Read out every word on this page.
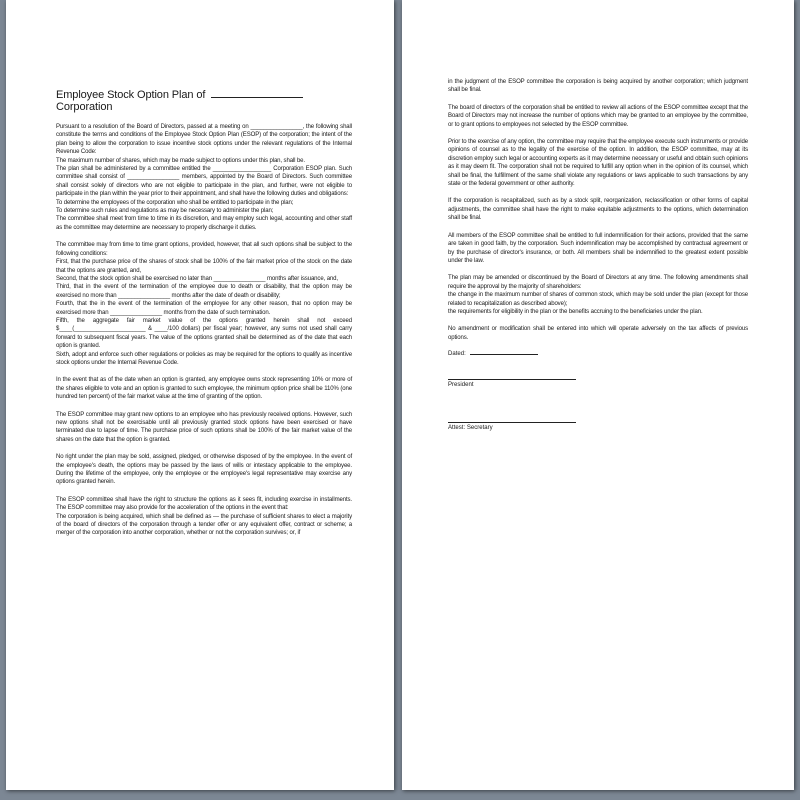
Employee Stock Option Plan ofCorporation
Pursuant to a resolution of the Board of Directors, passed at a meeting on ________________, the following shall constitute the terms and conditions of the Employee Stock Option Plan (ESOP) of the corporation; the intent of the plan being to allow the corporation to issue incentive stock options under the relevant regulations of the Internal Revenue Code:
The maximum number of shares, which may be made subject to options under this plan, shall be.
The plan shall be administered by a committee entitled the __________________ Corporation ESOP plan. Such committee shall consist of ________________ members, appointed by the Board of Directors. Such committee shall consist solely of directors who are not eligible to participate in the plan, and further, were not eligible to participate in the plan within the year prior to their appointment, and shall have the following duties and obligations:
To determine the employees of the corporation who shall be entitled to participate in the plan;
To determine such rules and regulations as may be necessary to administer the plan;
The committee shall meet from time to time in its discretion, and may employ such legal, accounting and other staff as the committee may determine are necessary to properly discharge it duties.
The committee may from time to time grant options, provided, however, that all such options shall be subject to the following conditions:
First, that the purchase price of the shares of stock shall be 100% of the fair market price of the stock on the date that the options are granted, and,
Second, that the stock option shall be exercised no later than ________________ months after issuance, and,
Third, that in the event of the termination of the employee due to death or disability, that the option may be exercised no more than ________________ months after the date of death or disability;
Fourth, that the in the event of the termination of the employee for any other reason, that no option may be exercised more than ________________ months from the date of such termination.
Fifth, the aggregate fair market value of the options granted herein shall not exceed $____(______________________ & ____/100 dollars) per fiscal year; however, any sums not used shall carry forward to subsequent fiscal years. The value of the options granted shall be determined as of the date that each option is granted.
Sixth, adopt and enforce such other regulations or policies as may be required for the options to qualify as incentive stock options under the Internal Revenue Code.
In the event that as of the date when an option is granted, any employee owns stock representing 10% or more of the shares eligible to vote and an option is granted to such employee, the minimum option price shall be 110% (one hundred ten percent) of the fair market value at the time of granting of the option.
The ESOP committee may grant new options to an employee who has previously received options. However, such new options shall not be exercisable until all previously granted stock options have been exercised or have terminated due to lapse of time. The purchase price of such options shall be 100% of the fair market value of the shares on the date that the option is granted.
No right under the plan may be sold, assigned, pledged, or otherwise disposed of by the employee. In the event of the employee's death, the options may be passed by the laws of wills or intestacy applicable to the employee. During the lifetime of the employee, only the employee or the employee's legal representative may exercise any options granted herein.
The ESOP committee shall have the right to structure the options as it sees fit, including exercise in installments. The ESOP committee may also provide for the acceleration of the options in the event that:
The corporation is being acquired, which shall be defined as — the purchase of sufficient shares to elect a majority of the board of directors of the corporation through a tender offer or any equivalent offer, contract or scheme; a merger of the corporation into another corporation, whether or not the corporation survives; or, if
in the judgment of the ESOP committee the corporation is being acquired by another corporation; which judgment shall be final.
The board of directors of the corporation shall be entitled to review all actions of the ESOP committee except that the Board of Directors may not increase the number of options which may be granted to an employee by the committee, or to grant options to employees not selected by the ESOP committee.
Prior to the exercise of any option, the committee may require that the employee execute such instruments or provide opinions of counsel as to the legality of the exercise of the option. In addition, the ESOP committee, may at its discretion employ such legal or accounting experts as it may determine necessary or useful and obtain such opinions as it may deem fit. The corporation shall not be required to fulfill any option when in the opinion of its counsel, which shall be final, the fulfillment of the same shall violate any regulations or laws applicable to such transactions by any state or the federal government or other authority.
If the corporation is recapitalized, such as by a stock split, reorganization, reclassification or other forms of capital adjustments, the committee shall have the right to make equitable adjustments to the options, which determination shall be final.
All members of the ESOP committee shall be entitled to full indemnification for their actions, provided that the same are taken in good faith, by the corporation. Such indemnification may be accomplished by contractual agreement or by the purchase of director's insurance, or both. All members shall be indemnified to the greatest extent possible under the law.
The plan may be amended or discontinued by the Board of Directors at any time. The following amendments shall require the approval by the majority of shareholders:
the change in the maximum number of shares of common stock, which may be sold under the plan (except for those related to recapitalization as described above);
the requirements for eligibility in the plan or the benefits accruing to the beneficiaries under the plan.
No amendment or modification shall be entered into which will operate adversely on the tax affects of previous options.
Dated:
President
Attest: Secretary
